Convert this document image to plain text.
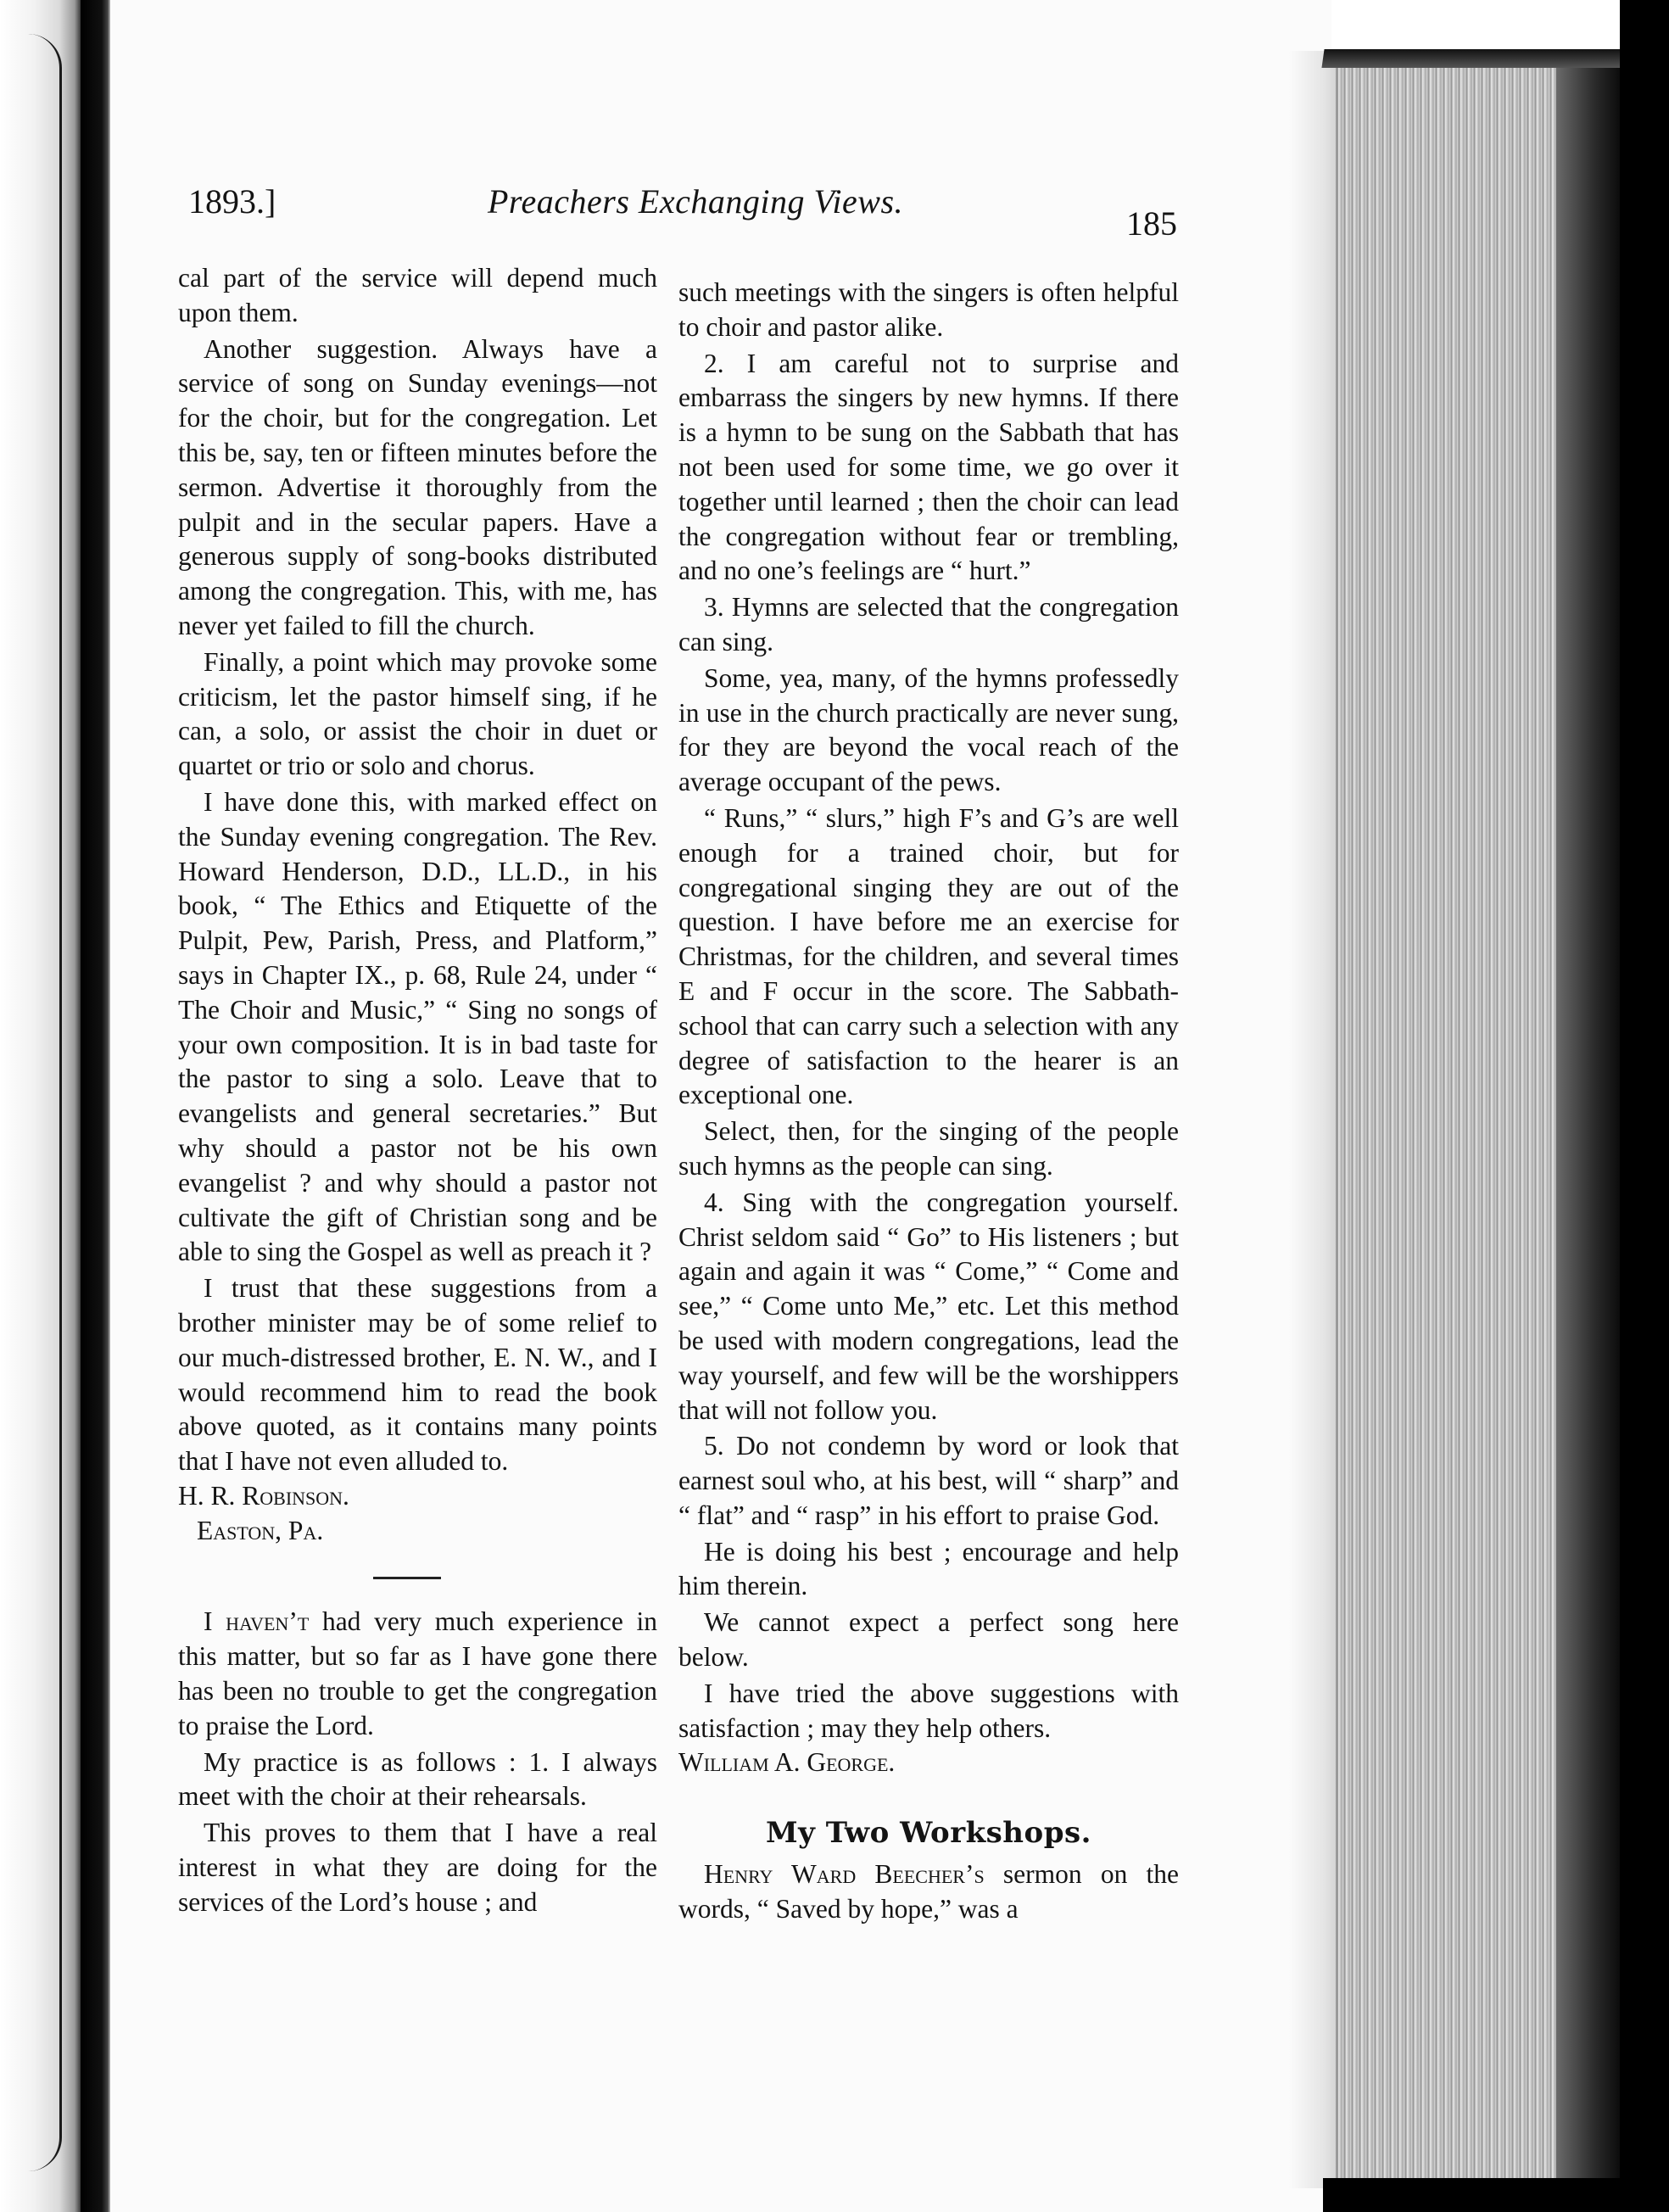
1893.]	Preachers Exchanging Views.
185

cal part of the service will depend much upon them.

Another suggestion. Always have a service of song on Sunday evenings—not for the choir, but for the congregation. Let this be, say, ten or fifteen minutes before the sermon. Advertise it thoroughly from the pulpit and in the secular papers. Have a generous supply of song-books distributed among the congregation. This, with me, has never yet failed to fill the church.

Finally, a point which may provoke some criticism, let the pastor himself sing, if he can, a solo, or assist the choir in duet or quartet or trio or solo and chorus.

I have done this, with marked effect on the Sunday evening congregation. The Rev. Howard Henderson, D.D., LL.D., in his book, “ The Ethics and Etiquette of the Pulpit, Pew, Parish, Press, and Platform,” says in Chapter IX., p. 68, Rule 24, under “ The Choir and Music,” “ Sing no songs of your own composition. It is in bad taste for the pastor to sing a solo. Leave that to evangelists and general secretaries.” But why should a pastor not be his own evangelist ? and why should a pastor not cultivate the gift of Christian song and be able to sing the Gospel as well as preach it ?

I trust that these suggestions from a brother minister may be of some relief to our much-distressed brother, E. N. W., and I would recommend him to read the book above quoted, as it contains many points that I have not even alluded to.

H. R. Robinson.

Easton, Pa.

I haven’t had very much experience in this matter, but so far as I have gone there has been no trouble to get the congregation to praise the Lord.

My practice is as follows : 1. I always meet with the choir at their rehearsals.

This proves to them that I have a real interest in what they are doing for the services of the Lord’s house ; and

such meetings with the singers is often helpful to choir and pastor alike.

2. I am careful not to surprise and embarrass the singers by new hymns. If there is a hymn to be sung on the Sabbath that has not been used for some time, we go over it together until learned ; then the choir can lead the congregation without fear or trembling, and no one’s feelings are “ hurt.”

3. Hymns are selected that the congregation can sing.

Some, yea, many, of the hymns professedly in use in the church practically are never sung, for they are beyond the vocal reach of the average occupant of the pews.

“ Runs,” “ slurs,” high F’s and G’s are well enough for a trained choir, but for congregational singing they are out of the question. I have before me an exercise for Christmas, for the children, and several times E and F occur in the score. The Sabbath-school that can carry such a selection with any degree of satisfaction to the hearer is an exceptional one.

Select, then, for the singing of the people such hymns as the people can sing.

4. Sing with the congregation yourself. Christ seldom said “ Go” to His listeners ; but again and again it was “ Come,” “ Come and see,” “ Come unto Me,” etc. Let this method be used with modern congregations, lead the way yourself, and few will be the worshippers that will not follow you.

5. Do not condemn by word or look that earnest soul who, at his best, will “ sharp” and “ flat” and “ rasp” in his effort to praise God.

He is doing his best ; encourage and help him therein.

We cannot expect a perfect song here below.

I have tried the above suggestions with satisfaction ; may they help others.

William A. George.

My Two Workshops.

Henry Ward Beecher’s sermon on the words, “ Saved by hope,” was a
